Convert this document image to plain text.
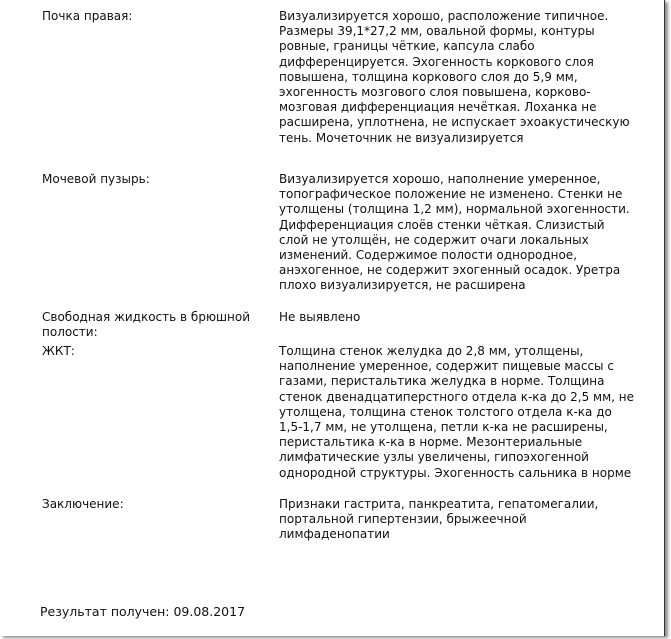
Почка правая:	Визуализируется хорошо, расположение типичное. Размеры 39,1*27,2 мм, овальной формы, контуры ровные, границы чёткие, капсула слабо дифференцируется. Эхогенность коркового слоя повышена, толщина коркового слоя до 5,9 мм, эхогенность мозгового слоя повышена, корково-мозговая дифференциация нечёткая. Лоханка не расширена, уплотнена, не испускает эхоакустическую тень. Мочеточник не визуализируется
Мочевой пузырь:	Визуализируется хорошо, наполнение умеренное, топографическое положение не изменено. Стенки не утолщены (толщина 1,2 мм), нормальной эхогенности. Дифференциация слоёв стенки чёткая. Слизистый слой не утолщён, не содержит очаги локальных изменений. Содержимое полости однородное, анэхогенное, не содержит эхогенный осадок. Уретра плохо визуализируется, не расширена
Свободная жидкость в брюшной полости:
Не выявлено
ЖКТ:	Толщина стенок желудка до 2,8 мм, утолщены, наполнение умеренное, содержит пищевые массы с газами, перистальтика желудка в норме. Толщина стенок двенадцатиперстного отдела к-ка до 2,5 мм, не утолщена, толщина стенок толстого отдела к-ка до 1,5-1,7 мм, не утолщена, петли к-ка не расширены, перистальтика к-ка в норме. Мезонтериальные лимфатические узлы увеличены, гипоэхогенной однородной структуры. Эхогенность сальника в норме
Заключение:	Признаки гастрита, панкреатита, гепатомегалии, портальной гипертензии, брыжеечной лимфаденопатии
Результат получен: 09.08.2017
